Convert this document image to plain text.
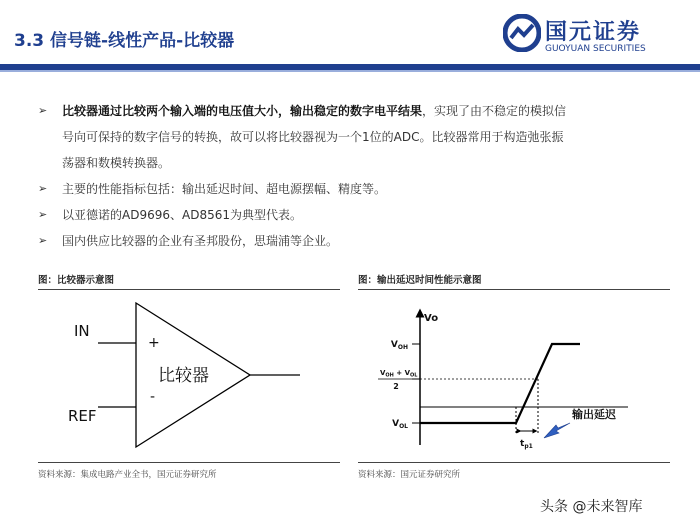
3.3 信号链-线性产品-比较器	国元证券
GUOYUAN SECURITIES
➢ 比较器通过比较两个输入端的电压值大小，输出稳定的数字电平结果，实现了由不稳定的模拟信
号向可保持的数字信号的转换，故可以将比较器视为一个1位的ADC。比较器常用于构造弛张振
荡器和数模转换器。
➢ 主要的性能指标包括：输出延迟时间、超电源摆幅、精度等。
➢ 以亚德诺的AD9696、AD8561为典型代表。
➢ 国内供应比较器的企业有圣邦股份，思瑞浦等企业。
图：比较器示意图	图：输出延迟时间性能示意图
IN
REF
+
-
比较器
Vo
$V_{OH}$
$V_{OH} + V_{OL}$
2
$V_{OL}$
$t_{p1}$
输出延迟
资料来源：集成电路产业全书，国元证券研究所	资料来源：国元证券研究所
头条 @未来智库
